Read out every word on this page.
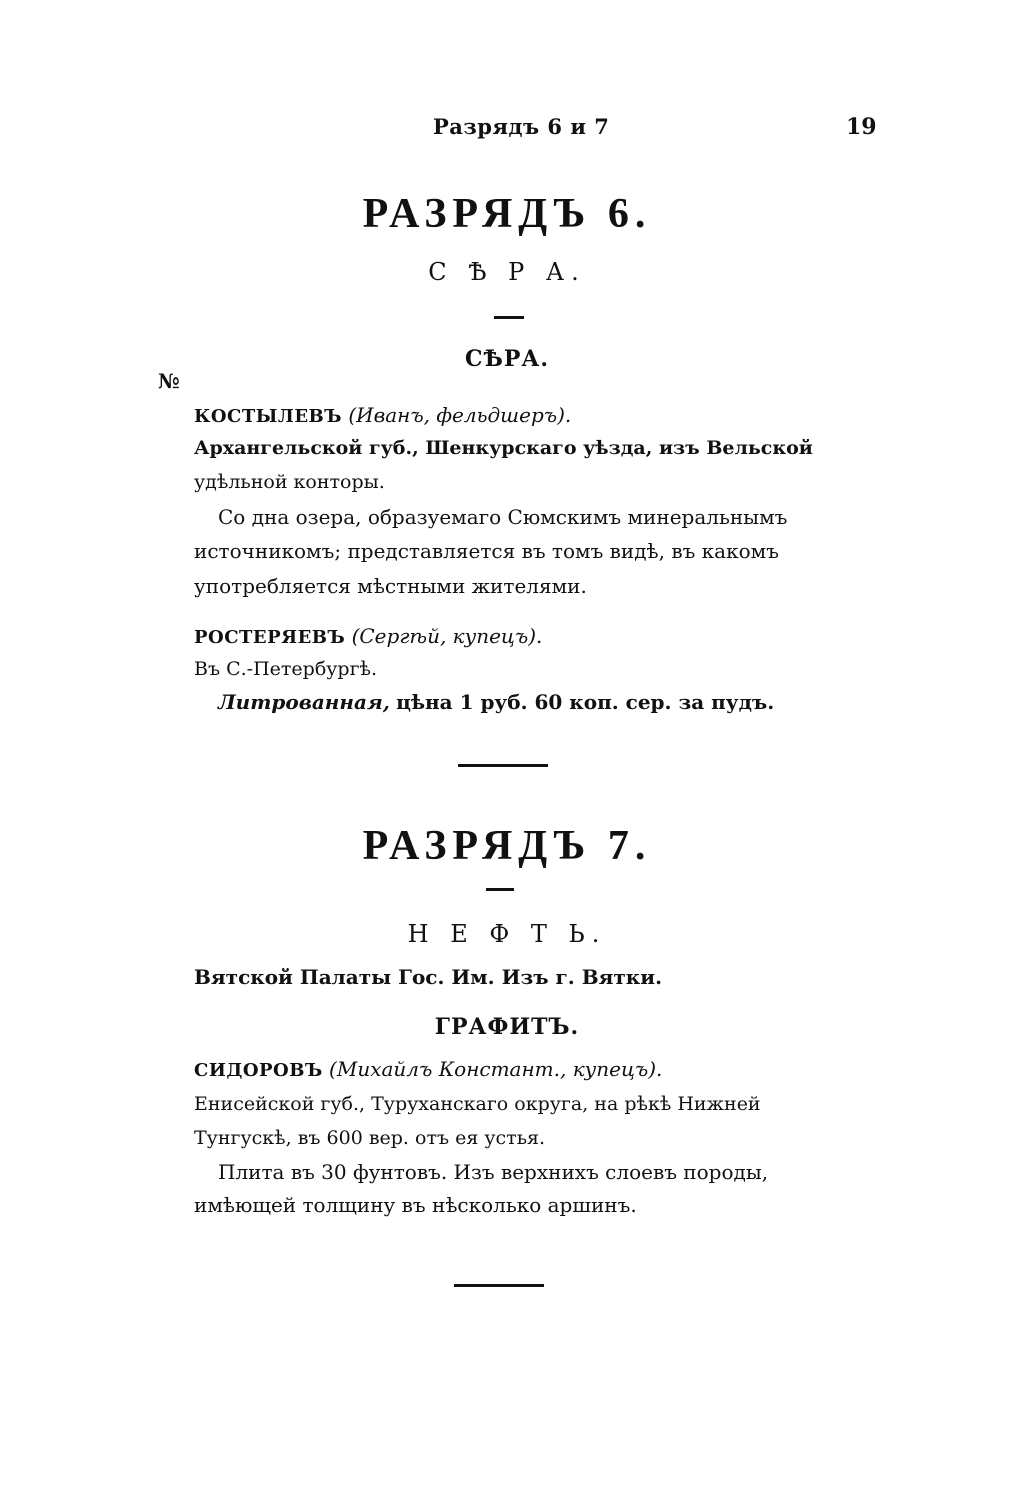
Разрядъ 6 и 7	19
РАЗРЯДЪ 6.
С Ѣ Р А.
СѢРА.
№
КОСТЫЛЕВЪ (Иванъ, фельдшеръ).
Архангельской губ., Шенкурскаго уѣзда, изъ Вельской
удѣльной конторы.
Со дна озера, образуемаго Сюмскимъ минеральнымъ
источникомъ; представляется въ томъ видѣ, въ какомъ
употребляется мѣстными жителями.
РОСТЕРЯЕВЪ (Сергѣй, купецъ).
Въ С.-Петербургѣ.
Литрованная, цѣна 1 руб. 60 коп. сер. за пудъ.
РАЗРЯДЪ 7.
Н Е Ф Т Ь.
Вятской Палаты Гос. Им. Изъ г. Вятки.
ГРАФИТЪ.
СИДОРОВЪ (Михайлъ Констант., купецъ).
Енисейской губ., Туруханскаго округа, на рѣкѣ Нижней
Тунгускѣ, въ 600 вер. отъ ея устья.
Плита въ 30 фунтовъ. Изъ верхнихъ слоевъ породы,
имѣющей толщину въ нѣсколько аршинъ.
